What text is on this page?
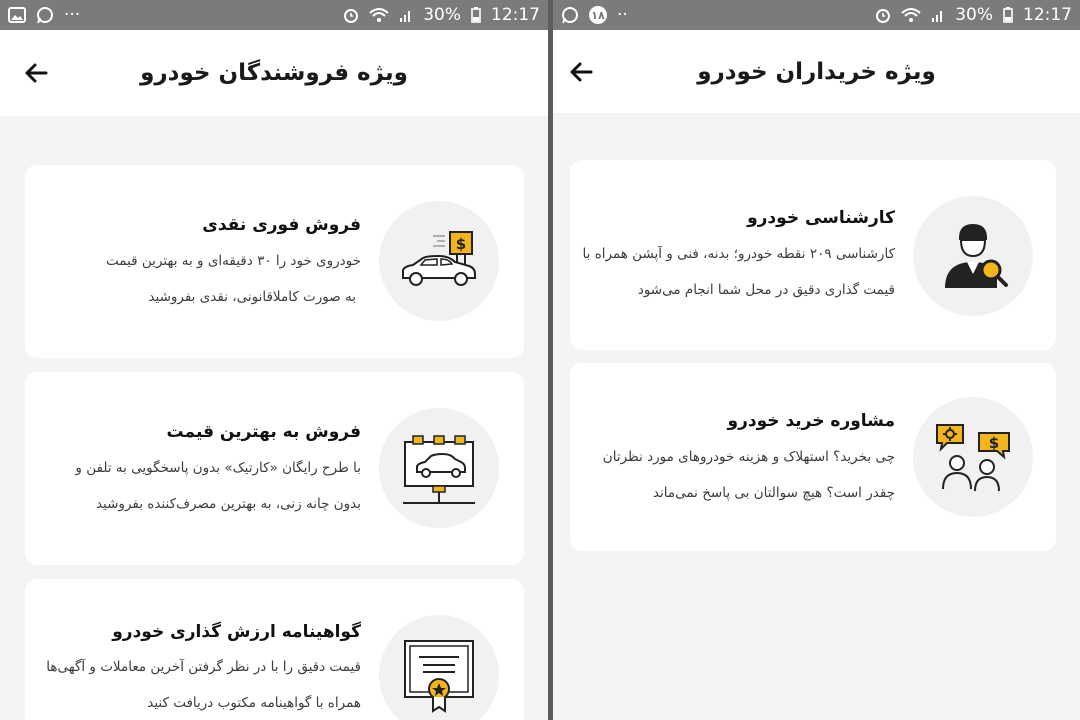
···	30% 12:17
ویژه فروشندگان خودرو
$
فروش فوری نقدی
خودروی خود را ۳۰ دقیقه‌ای و به بهترین قیمت
به صورت کاملاقانونی، نقدی بفروشید
فروش به بهترین قیمت
با طرح رایگان «کارتیک» بدون پاسخگویی به تلفن و
بدون چانه زنی، به بهترین مصرف‌کننده بفروشید
گواهینامه ارزش گذاری خودرو
قیمت دقیق را با در نظر گرفتن آخرین معاملات و آگهی‌ها
همراه با گواهینامه مکتوب دریافت کنید
۱۸ ··	30% 12:17
ویژه خریداران خودرو
کارشناسی خودرو
کارشناسی ۲۰۹ نقطه خودرو؛ بدنه، فنی و آپشن همراه با
قیمت گذاری دقیق در محل شما انجام می‌شود
$
مشاوره خرید خودرو
چی بخرید؟ استهلاک و هزینه خودروهای مورد نظرتان
چقدر است؟ هیچ سوالتان بی پاسخ نمی‌ماند
